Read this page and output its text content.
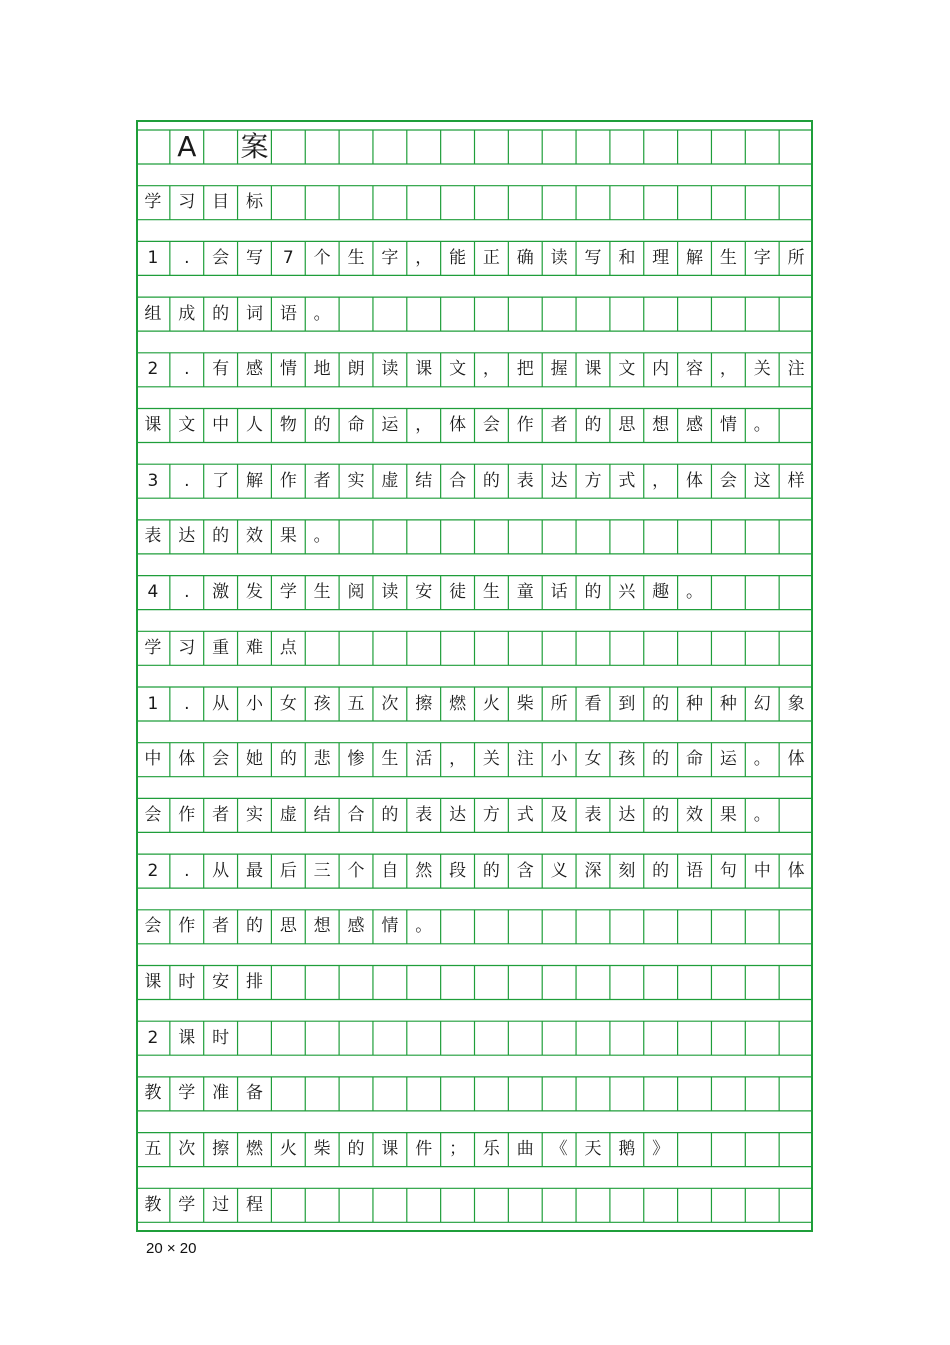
A 案
学 习 目 标
1	.	会 写	7	个 生 字 ， 能 正 确 读 写 和 理 解 生 字 所
组 成 的 词 语 。
2	.	有 感 情 地 朗 读 课 文 ， 把 握 课 文 内 容 ， 关 注
课 文 中 人 物 的 命 运 ， 体 会 作 者 的 思 想 感 情 。
3	.	了 解 作 者 实 虚 结 合 的 表 达 方 式 ， 体 会 这 样
表 达 的 效 果 。
4	.	激 发 学 生 阅 读 安 徒 生 童 话 的 兴 趣 。
学 习 重 难 点
1	.	从 小 女 孩 五 次 擦 燃 火 柴 所 看 到 的 种 种 幻 象
中 体 会 她 的 悲 惨 生 活 ， 关 注 小 女 孩 的 命 运 。 体
会 作 者 实 虚 结 合 的 表 达 方 式 及 表 达 的 效 果 。
2	.	从 最 后 三 个 自 然 段 的 含 义 深 刻 的 语 句 中 体
会 作 者 的 思 想 感 情 。
课 时 安 排
2	课 时
教 学 准 备
五 次 擦 燃 火 柴 的 课 件 ； 乐 曲 《 天 鹅 》
教 学 过 程
20 × 20
